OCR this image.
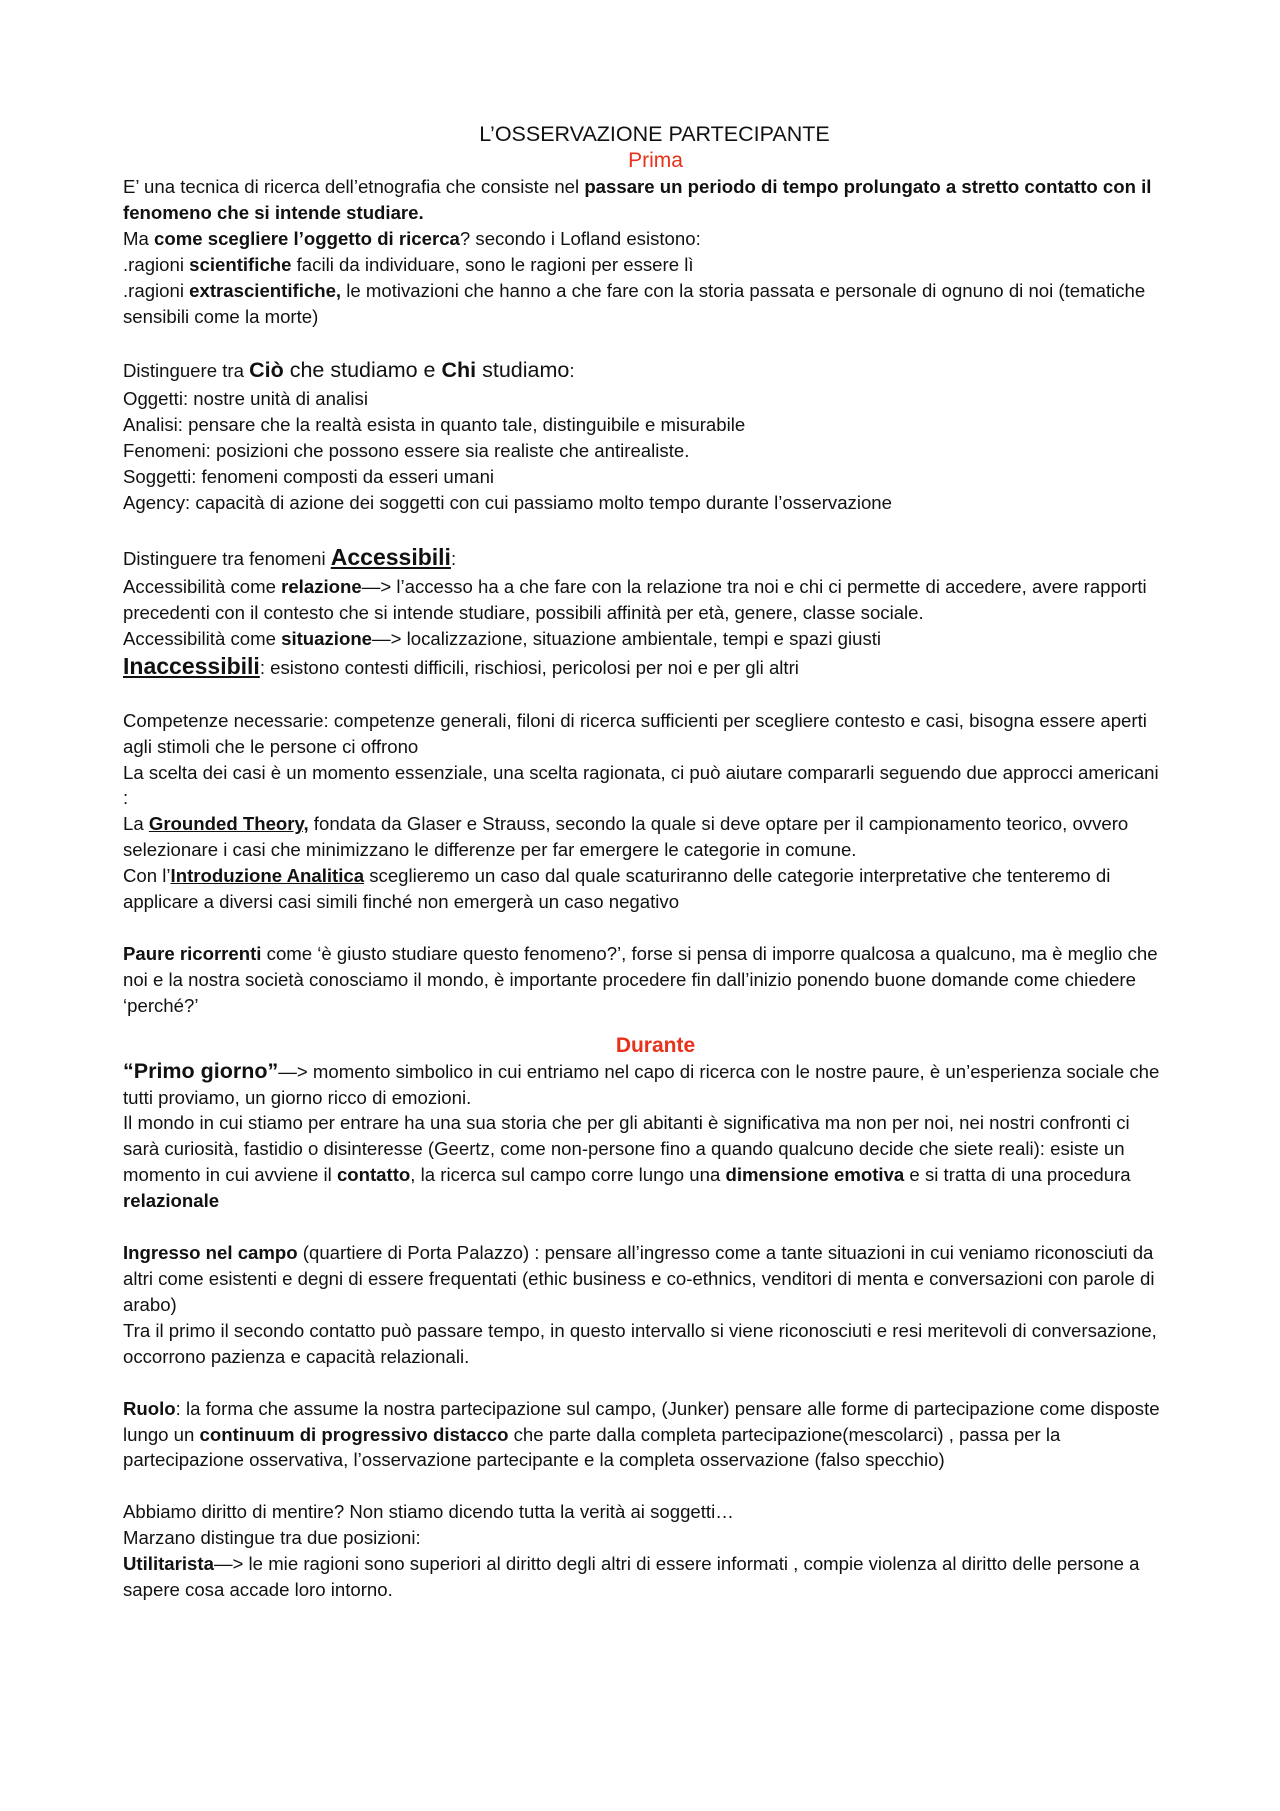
L’OSSERVAZIONE PARTECIPANTE
Prima

E’ una tecnica di ricerca dell’etnografia che consiste nel passare un periodo di tempo prolungato a stretto contatto con il fenomeno che si intende studiare.

Ma come scegliere l’oggetto di ricerca? secondo i Lofland esistono:

.ragioni scientifiche facili da individuare, sono le ragioni per essere lì

.ragioni extrascientifiche, le motivazioni che hanno a che fare con la storia passata e personale di ognuno di noi (tematiche sensibili come la morte)

Distinguere tra Ciò che studiamo e Chi studiamo:

Oggetti: nostre unità di analisi

Analisi: pensare che la realtà esista in quanto tale, distinguibile e misurabile

Fenomeni: posizioni che possono essere sia realiste che antirealiste.

Soggetti: fenomeni composti da esseri umani

Agency: capacità di azione dei soggetti con cui passiamo molto tempo durante l’osservazione

Distinguere tra fenomeni Accessibili:

Accessibilità come relazione—> l’accesso ha a che fare con la relazione tra noi e chi ci permette di accedere, avere rapporti precedenti con il contesto che si intende studiare, possibili affinità per età, genere, classe sociale.

Accessibilità come situazione—> localizzazione, situazione ambientale, tempi e spazi giusti

Inaccessibili: esistono contesti difficili, rischiosi, pericolosi per noi e per gli altri

Competenze necessarie: competenze generali, filoni di ricerca sufficienti per scegliere contesto e casi, bisogna essere aperti agli stimoli che le persone ci offrono

La scelta dei casi è un momento essenziale, una scelta ragionata, ci può aiutare compararli seguendo due approcci americani :

La Grounded Theory, fondata da Glaser e Strauss, secondo la quale si deve optare per il campionamento teorico, ovvero selezionare i casi che minimizzano le differenze per far emergere le categorie in comune.

Con l’Introduzione Analitica sceglieremo un caso dal quale scaturiranno delle categorie interpretative che tenteremo di applicare a diversi casi simili finché non emergerà un caso negativo

Paure ricorrenti come ‘è giusto studiare questo fenomeno?’, forse si pensa di imporre qualcosa a qualcuno, ma è meglio che noi e la nostra società conosciamo il mondo, è importante procedere fin dall’inizio ponendo buone domande come chiedere ‘perché?’

Durante

“Primo giorno”—> momento simbolico in cui entriamo nel capo di ricerca con le nostre paure, è un’esperienza sociale che tutti proviamo, un giorno ricco di emozioni.

Il mondo in cui stiamo per entrare ha una sua storia che per gli abitanti è significativa ma non per noi, nei nostri confronti ci sarà curiosità, fastidio o disinteresse (Geertz, come non-persone fino a quando qualcuno decide che siete reali): esiste un momento in cui avviene il contatto, la ricerca sul campo corre lungo una dimensione emotiva e si tratta di una procedura relazionale

Ingresso nel campo (quartiere di Porta Palazzo) : pensare all’ingresso come a tante situazioni in cui veniamo riconosciuti da altri come esistenti e degni di essere frequentati (ethic business e co-ethnics, venditori di menta e conversazioni con parole di arabo)

Tra il primo il secondo contatto può passare tempo, in questo intervallo si viene riconosciuti e resi meritevoli di conversazione, occorrono pazienza e capacità relazionali.

Ruolo: la forma che assume la nostra partecipazione sul campo, (Junker) pensare alle forme di partecipazione come disposte lungo un continuum di progressivo distacco che parte dalla completa partecipazione(mescolarci) , passa per la partecipazione osservativa, l’osservazione partecipante e la completa osservazione (falso specchio)

Abbiamo diritto di mentire? Non stiamo dicendo tutta la verità ai soggetti…

Marzano distingue tra due posizioni:

Utilitarista—> le mie ragioni sono superiori al diritto degli altri di essere informati , compie violenza al diritto delle persone a sapere cosa accade loro intorno.
